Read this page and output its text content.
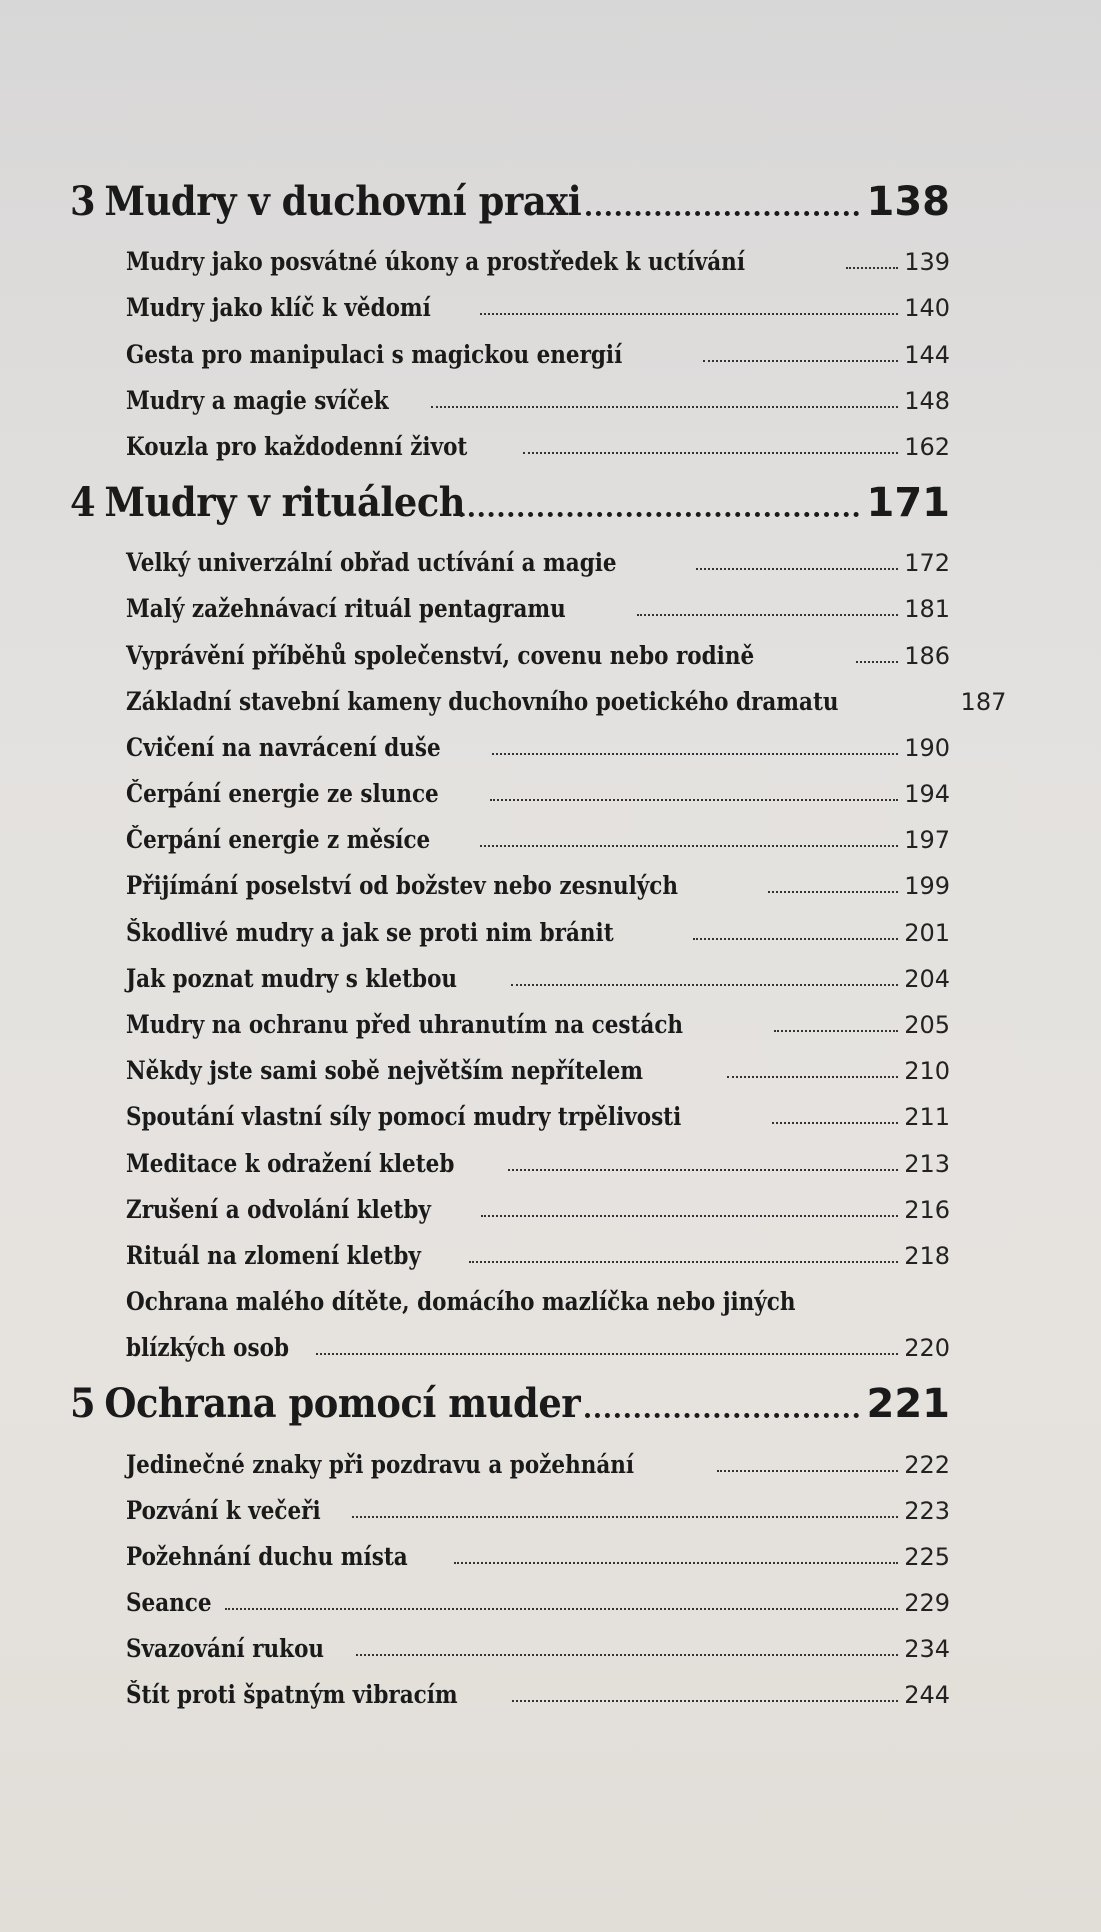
3 Mudry v duchovní praxi	138
Mudry jako posvátné úkony a prostředek k uctívání	139
Mudry jako klíč k vědomí	140
Gesta pro manipulaci s magickou energií	144
Mudry a magie svíček	148
Kouzla pro každodenní život	162
4 Mudry v rituálech	171
Velký univerzální obřad uctívání a magie	172
Malý zažehnávací rituál pentagramu	181
Vyprávění příběhů společenství, covenu nebo rodině	186
Základní stavební kameny duchovního poetického dramatu	187
Cvičení na navrácení duše	190
Čerpání energie ze slunce	194
Čerpání energie z měsíce	197
Přijímání poselství od božstev nebo zesnulých	199
Škodlivé mudry a jak se proti nim bránit	201
Jak poznat mudry s kletbou	204
Mudry na ochranu před uhranutím na cestách	205
Někdy jste sami sobě největším nepřítelem	210
Spoutání vlastní síly pomocí mudry trpělivosti	211
Meditace k odražení kleteb	213
Zrušení a odvolání kletby	216
Rituál na zlomení kletby	218
Ochrana malého dítěte, domácího mazlíčka nebo jiných
blízkých osob	220
5 Ochrana pomocí muder	221
Jedinečné znaky při pozdravu a požehnání	222
Pozvání k večeři	223
Požehnání duchu místa	225
Seance	229
Svazování rukou	234
Štít proti špatným vibracím	244
